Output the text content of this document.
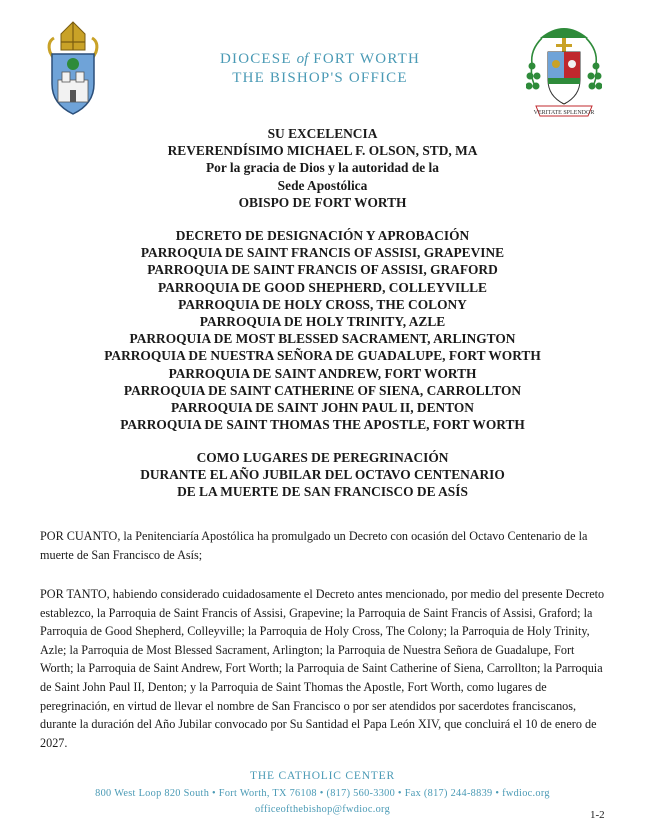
DIOCESE of FORT WORTH
THE BISHOP'S OFFICE
VERITATE SPLENDOR
SU EXCELENCIA
REVERENDÍSIMO MICHAEL F. OLSON, STD, MA
Por la gracia de Dios y la autoridad de la
Sede Apostólica
OBISPO DE FORT WORTH
DECRETO DE DESIGNACIÓN Y APROBACIÓN
PARROQUIA DE SAINT FRANCIS OF ASSISI, GRAPEVINE
PARROQUIA DE SAINT FRANCIS OF ASSISI, GRAFORD
PARROQUIA DE GOOD SHEPHERD, COLLEYVILLE
PARROQUIA DE HOLY CROSS, THE COLONY
PARROQUIA DE HOLY TRINITY, AZLE
PARROQUIA DE MOST BLESSED SACRAMENT, ARLINGTON
PARROQUIA DE NUESTRA SEÑORA DE GUADALUPE, FORT WORTH
PARROQUIA DE SAINT ANDREW, FORT WORTH
PARROQUIA DE SAINT CATHERINE OF SIENA, CARROLLTON
PARROQUIA DE SAINT JOHN PAUL II, DENTON
PARROQUIA DE SAINT THOMAS THE APOSTLE, FORT WORTH
COMO LUGARES DE PEREGRINACIÓN
DURANTE EL AÑO JUBILAR DEL OCTAVO CENTENARIO
DE LA MUERTE DE SAN FRANCISCO DE ASÍS
POR CUANTO, la Penitenciaría Apostólica ha promulgado un Decreto con ocasión del Octavo Centenario de la muerte de San Francisco de Asís;
POR TANTO, habiendo considerado cuidadosamente el Decreto antes mencionado, por medio del presente Decreto establezco, la Parroquia de Saint Francis of Assisi, Grapevine; la Parroquia de Saint Francis of Assisi, Graford; la Parroquia de Good Shepherd, Colleyville; la Parroquia de Holy Cross, The Colony; la Parroquia de Holy Trinity, Azle; la Parroquia de Most Blessed Sacrament, Arlington; la Parroquia de Nuestra Señora de Guadalupe, Fort Worth; la Parroquia de Saint Andrew, Fort Worth; la Parroquia de Saint Catherine of Siena, Carrollton; la Parroquia de Saint John Paul II, Denton; y la Parroquia de Saint Thomas the Apostle, Fort Worth, como lugares de peregrinación, en virtud de llevar el nombre de San Francisco o por ser atendidos por sacerdotes franciscanos, durante la duración del Año Jubilar convocado por Su Santidad el Papa León XIV, que concluirá el 10 de enero de 2027.
THE CATHOLIC CENTER
800 West Loop 820 South • Fort Worth, TX 76108 • (817) 560-3300 • Fax (817) 244-8839 • fwdioc.org
officeofthebishop@fwdioc.org	1-2
